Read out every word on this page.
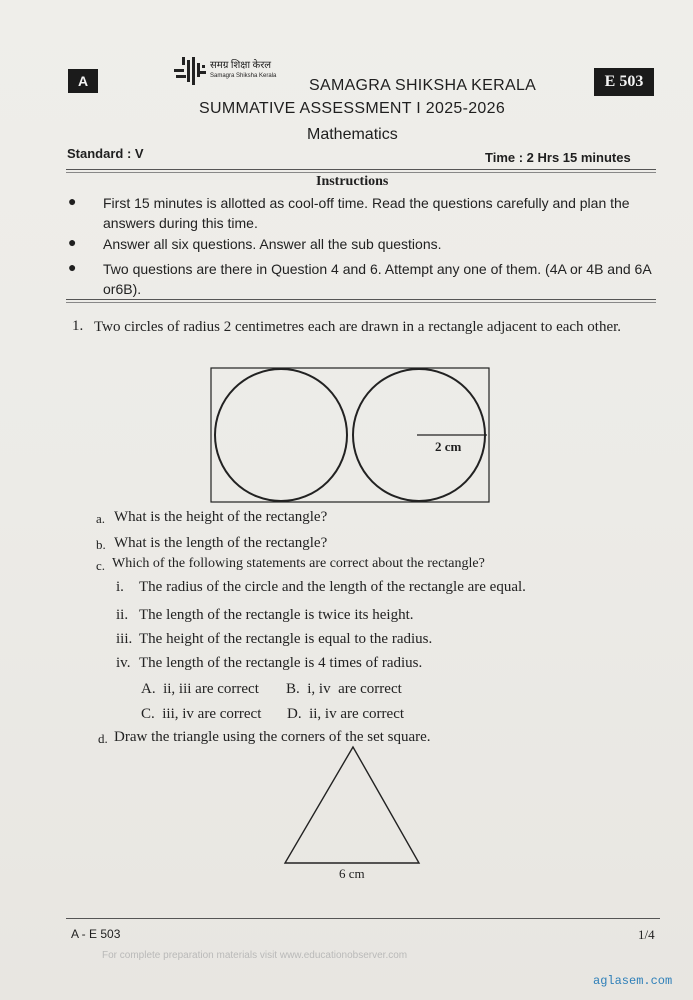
A	E 503
समग्र शिक्षा केरल
Samagra Shiksha Kerala
SAMAGRA SHIKSHA KERALA
SUMMATIVE ASSESSMENT I 2025-2026
Mathematics
Standard : V	Time : 2 Hrs 15 minutes
Instructions
● First 15 minutes is allotted as cool-off time. Read the questions carefully and plan the answers during this time.
● Answer all six questions. Answer all the sub questions.
● Two questions are there in Question 4 and 6. Attempt any one of them. (4A or 4B and 6A or6B).
1. Two circles of radius 2 centimetres each are drawn in a rectangle adjacent to each other.
2 cm
a. What is the height of the rectangle?
b. What is the length of the rectangle?
c. Which of the following statements are correct about the rectangle?
i. The radius of the circle and the length of the rectangle are equal.
ii. The length of the rectangle is twice its height.
iii. The height of the rectangle is equal to the radius.
iv. The length of the rectangle is 4 times of radius.
A.  ii, iii are correct B.  i, iv  are correct
C.  iii, iv are correct D.  ii, iv are correct
d. Draw the triangle using the corners of the set square.
6 cm
A - E 503	1/4
For complete preparation materials visit www.educationobserver.com
aglasem.com
